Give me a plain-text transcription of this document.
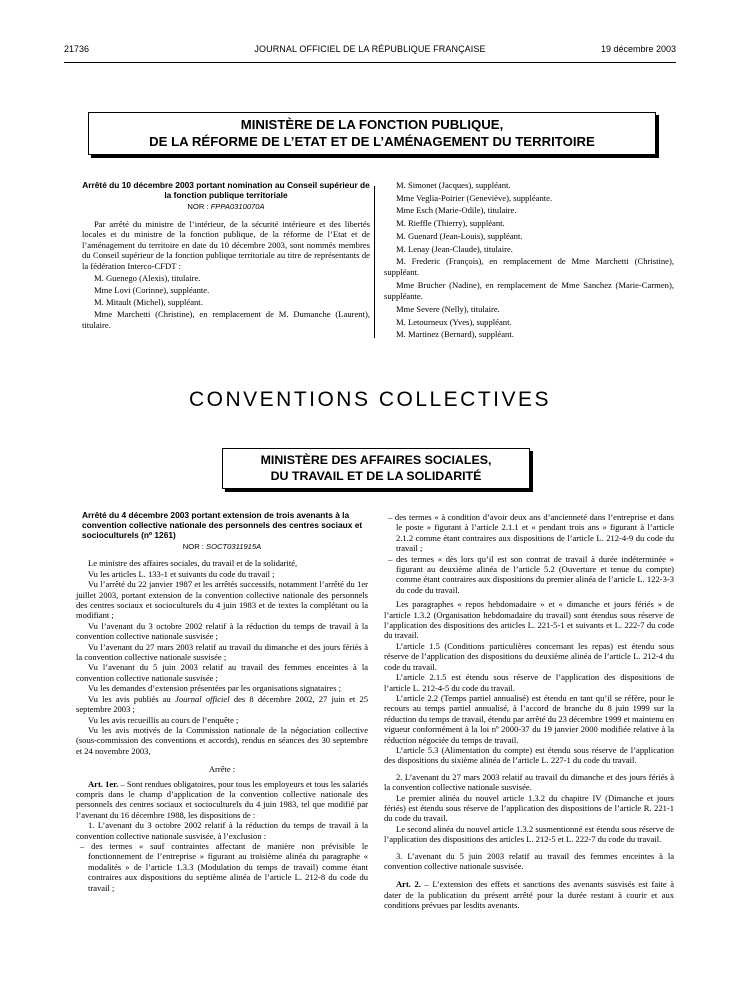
21736	JOURNAL OFFICIEL DE LA RÉPUBLIQUE FRANÇAISE	19 décembre 2003
MINISTÈRE DE LA FONCTION PUBLIQUE,
DE LA RÉFORME DE L’ETAT ET DE L’AMÉNAGEMENT DU TERRITOIRE

Arrêté du 10 décembre 2003 portant nomination au Conseil supérieur de la fonction publique territoriale

NOR : FPPA0310070A

Par arrêté du ministre de l’intérieur, de la sécurité intérieure et des libertés locales et du ministre de la fonction publique, de la réforme de l’Etat et de l’aménagement du territoire en date du 10 décembre 2003, sont nommés membres du Conseil supérieur de la fonction publique territoriale au titre de représentants de la fédération Interco-CFDT :

M. Guenego (Alexis), titulaire.

Mme Lovi (Corinne), suppléante.

M. Mitault (Michel), suppléant.

Mme Marchetti (Christine), en remplacement de M. Dumanche (Laurent), titulaire.

M. Simonet (Jacques), suppléant.

Mme Veglia-Poirier (Geneviève), suppléante.

Mme Esch (Marie-Odile), titulaire.

M. Rieffle (Thierry), suppléant.

M. Guenard (Jean-Louis), suppléant.

M. Lenay (Jean-Claude), titulaire.

M. Frederic (François), en remplacement de Mme Marchetti (Christine), suppléant.

Mme Brucher (Nadine), en remplacement de Mme Sanchez (Marie-Carmen), suppléante.

Mme Severe (Nelly), titulaire.

M. Letourneux (Yves), suppléant.

M. Martinez (Bernard), suppléant.

CONVENTIONS COLLECTIVES
MINISTÈRE DES AFFAIRES SOCIALES,
DU TRAVAIL ET DE LA SOLIDARITÉ

Arrêté du 4 décembre 2003 portant extension de trois avenants à la convention collective nationale des personnels des centres sociaux et socioculturels (nº 1261)

NOR : SOCT0311915A

Le ministre des affaires sociales, du travail et de la solidarité,

Vu les articles L. 133-1 et suivants du code du travail ;

Vu l’arrêté du 22 janvier 1987 et les arrêtés successifs, notamment l’arrêté du 1er juillet 2003, portant extension de la convention collective nationale des personnels des centres sociaux et socioculturels du 4 juin 1983 et de textes la complétant ou la modifiant ;

Vu l’avenant du 3 octobre 2002 relatif à la réduction du temps de travail à la convention collective nationale susvisée ;

Vu l’avenant du 27 mars 2003 relatif au travail du dimanche et des jours fériés à la convention collective nationale susvisée ;

Vu l’avenant du 5 juin 2003 relatif au travail des femmes enceintes à la convention collective nationale susvisée ;

Vu les demandes d’extension présentées par les organisations signataires ;

Vu les avis publiés au Journal officiel des 8 décembre 2002, 27 juin et 25 septembre 2003 ;

Vu les avis recueillis au cours de l’enquête ;

Vu les avis motivés de la Commission nationale de la négociation collective (sous-commission des conventions et accords), rendus en séances des 30 septembre et 24 novembre 2003,

Arrête :

Art. 1er. – Sont rendues obligatoires, pour tous les employeurs et tous les salariés compris dans le champ d’application de la convention collective nationale des personnels des centres sociaux et socioculturels du 4 juin 1983, tel que modifié par l’avenant du 16 décembre 1988, les dispositions de :

1. L’avenant du 3 octobre 2002 relatif à la réduction du temps de travail à la convention collective nationale susvisée, à l’exclusion :

– des termes « sauf contraintes affectant de manière non prévisible le fonctionnement de l’entreprise » figurant au troisième alinéa du paragraphe « modalités » de l’article 1.3.3 (Modulation du temps de travail) comme étant contraires aux dispositions du septième alinéa de l’article L. 212-8 du code du travail ;

– des termes « à condition d’avoir deux ans d’ancienneté dans l’entreprise et dans le poste » figurant à l’article 2.1.1 et « pendant trois ans » figurant à l’article 2.1.2 comme étant contraires aux dispositions de l’article L. 212-4-9 du code du travail ;

– des termes « dès lors qu’il est son contrat de travail à durée indéterminée » figurant au deuxième alinéa de l’article 5.2 (Ouverture et tenue du compte) comme étant contraires aux dispositions du premier alinéa de l’article L. 122-3-3 du code du travail.

Les paragraphes « repos hebdomadaire » et « dimanche et jours fériés » de l’article 1.3.2 (Organisation hebdomadaire du travail) sont étendus sous réserve de l’application des dispositions des articles L. 221-5-1 et suivants et L. 222-7 du code du travail.

L’article 1.5 (Conditions particulières concernant les repas) est étendu sous réserve de l’application des dispositions du deuxième alinéa de l’article L. 212-4 du code du travail.

L’article 2.1.5 est étendu sous réserve de l’application des dispositions de l’article L. 212-4-5 du code du travail.

L’article 2.2 (Temps partiel annualisé) est étendu en tant qu’il se réfère, pour le recours au temps partiel annualisé, à l’accord de branche du 8 juin 1999 sur la réduction du temps de travail, étendu par arrêté du 23 décembre 1999 et maintenu en vigueur conformément à la loi nº 2000-37 du 19 janvier 2000 modifiée relative à la réduction négociée du temps de travail.

L’article 5.3 (Alimentation du compte) est étendu sous réserve de l’application des dispositions du sixième alinéa de l’article L. 227-1 du code du travail.

2. L’avenant du 27 mars 2003 relatif au travail du dimanche et des jours fériés à la convention collective nationale susvisée.

Le premier alinéa du nouvel article 1.3.2 du chapitre IV (Dimanche et jours fériés) est étendu sous réserve de l’application des dispositions de l’article R. 221-1 du code du travail.

Le second alinéa du nouvel article 1.3.2 susmentionné est étendu sous réserve de l’application des dispositions des articles L. 212-5 et L. 222-7 du code du travail.

3. L’avenant du 5 juin 2003 relatif au travail des femmes enceintes à la convention collective nationale susvisée.

Art. 2. – L’extension des effets et sanctions des avenants susvisés est faite à dater de la publication du présent arrêté pour la durée restant à courir et aux conditions prévues par lesdits avenants.
